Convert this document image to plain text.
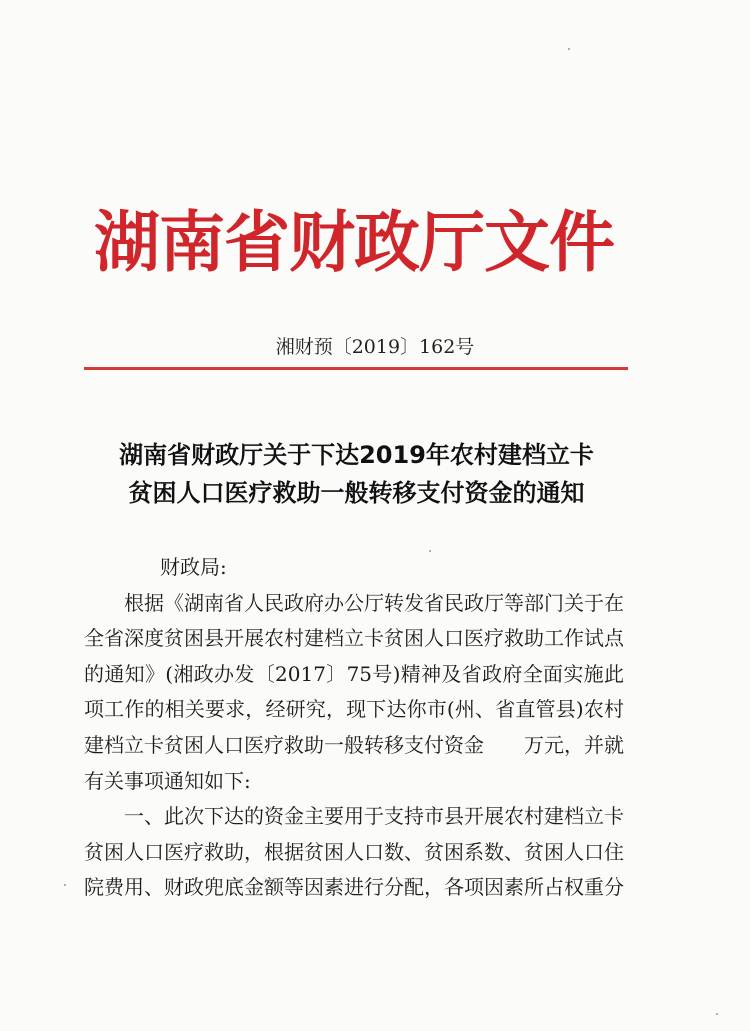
湖南省财政厅文件
湘财预〔2019〕162号
湖南省财政厅关于下达2019年农村建档立卡
贫困人口医疗救助一般转移支付资金的通知

财政局:

根据《湖南省人民政府办公厅转发省民政厅等部门关于在全省深度贫困县开展农村建档立卡贫困人口医疗救助工作试点的通知》(湘政办发〔2017〕75号)精神及省政府全面实施此项工作的相关要求，经研究，现下达你市(州、省直管县)农村建档立卡贫困人口医疗救助一般转移支付资金　　万元，并就有关事项通知如下:

一、此次下达的资金主要用于支持市县开展农村建档立卡贫困人口医疗救助，根据贫困人口数、贫困系数、贫困人口住院费用、财政兜底金额等因素进行分配，各项因素所占权重分
